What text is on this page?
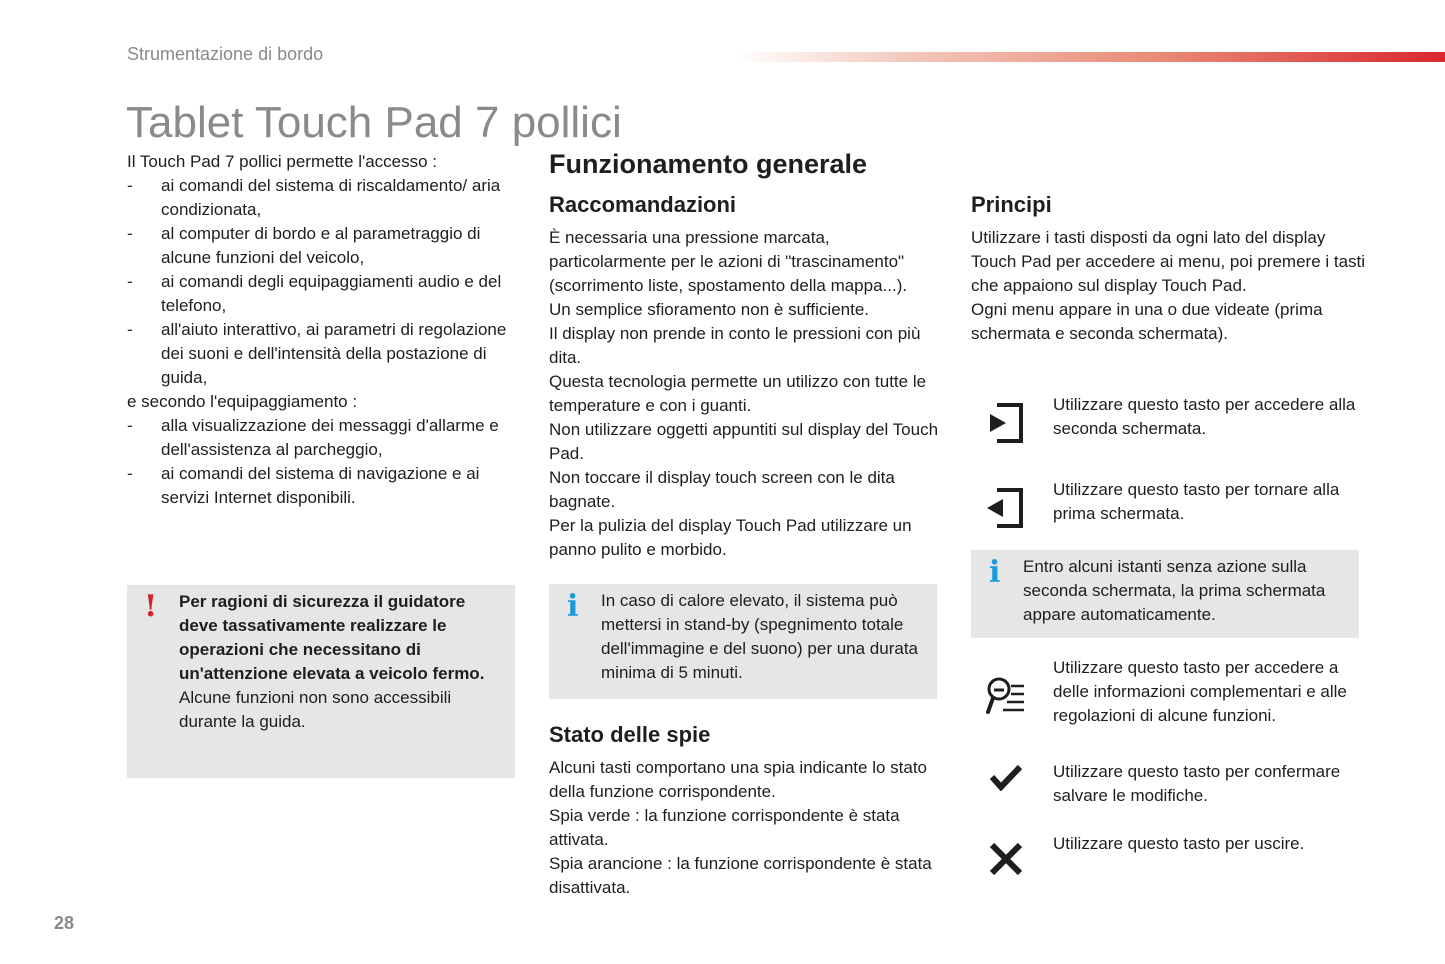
Strumentazione di bordo
Tablet Touch Pad 7 pollici

Il Touch Pad 7 pollici permette l'accesso :

-	ai comandi del sistema di riscaldamento/ aria condizionata,
-	al computer di bordo e al parametraggio di alcune funzioni del veicolo,
-	ai comandi degli equipaggiamenti audio e del telefono,
-	all'aiuto interattivo, ai parametri di regolazione dei suoni e dell'intensità della postazione di guida,

e secondo l'equipaggiamento :

-	alla visualizzazione dei messaggi d'allarme e dell'assistenza al parcheggio,
-	ai comandi del sistema di navigazione e ai servizi Internet disponibili.
! Per ragioni di sicurezza il guidatore deve tassativamente realizzare le operazioni che necessitano di un'attenzione elevata a veicolo fermo.
Alcune funzioni non sono accessibili durante la guida.
Funzionamento generale
Raccomandazioni

È necessaria una pressione marcata, particolarmente per le azioni di "trascinamento" (scorrimento liste, spostamento della mappa...).

Un semplice sfioramento non è sufficiente.

Il display non prende in conto le pressioni con più dita.

Questa tecnologia permette un utilizzo con tutte le temperature e con i guanti.

Non utilizzare oggetti appuntiti sul display del Touch Pad.

Non toccare il display touch screen con le dita bagnate.

Per la pulizia del display Touch Pad utilizzare un panno pulito e morbido.

i In caso di calore elevato, il sistema può mettersi in stand-by (spegnimento totale dell'immagine e del suono) per una durata minima di 5 minuti.
Stato delle spie

Alcuni tasti comportano una spia indicante lo stato della funzione corrispondente.

Spia verde : la funzione corrispondente è stata attivata.

Spia arancione : la funzione corrispondente è stata disattivata.

Principi

Utilizzare i tasti disposti da ogni lato del display Touch Pad per accedere ai menu, poi premere i tasti che appaiono sul display Touch Pad.

Ogni menu appare in una o due videate (prima schermata e seconda schermata).

Utilizzare questo tasto per accedere alla seconda schermata.
Utilizzare questo tasto per tornare alla prima schermata.
i Entro alcuni istanti senza azione sulla seconda schermata, la prima schermata appare automaticamente.
Utilizzare questo tasto per accedere a delle informazioni complementari e alle regolazioni di alcune funzioni.
Utilizzare questo tasto per confermare salvare le modifiche.
Utilizzare questo tasto per uscire.
28
